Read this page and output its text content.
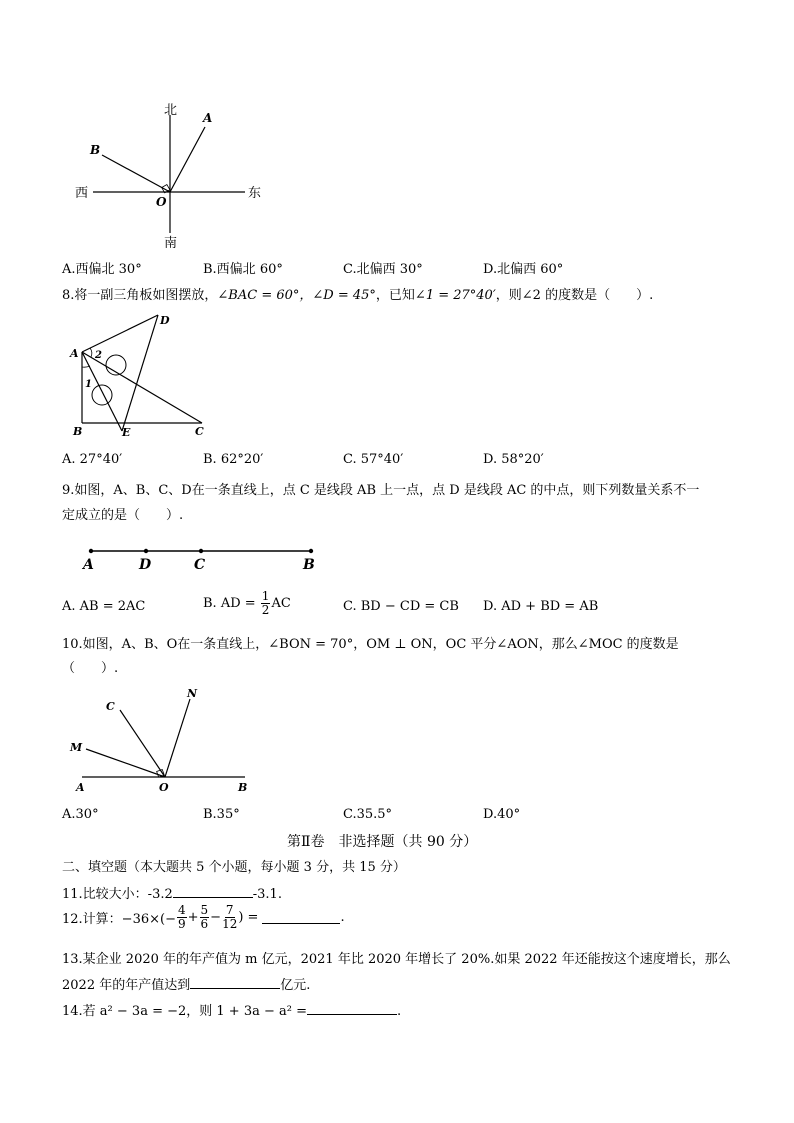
北
南
西	东
A
B
O
A.西偏北 30°	B.西偏北 60°	C.北偏西 30°	D.北偏西 60°
8.将一副三角板如图摆放，∠BAC = 60°，∠D = 45°，已知∠1 = 27°40′，则∠2 的度数是（　　）.
A
B	C
D
E
1
2
A. 27°40′	B. 62°20′	C. 57°40′	D. 58°20′
9.如图，A、B、C、D在一条直线上，点 C 是线段 AB 上一点，点 D 是线段 AC 的中点，则下列数量关系不一
定成立的是（　　）.
A	D	C	B
A. AB = 2AC	B. AD = $\frac{1}{2}$ AC	C. BD − CD = CB D. AD + BD = AB
10.如图，A、B、O在一条直线上，∠BON = 70°，OM ⊥ ON，OC 平分∠AON，那么∠MOC 的度数是
（　　）.
A	O	B
M
C
N
A.30°	B.35°	C.35.5°	D.40°
第Ⅱ卷　非选择题（共 90 分）
二、填空题（本大题共 5 个小题，每小题 3 分，共 15 分）
11.比较大小：-3.2	-3.1.
12.计算：$-36\times(- \frac{4}{9} + \frac{5}{6} - \frac{7}{12}$ ) =	.
13.某企业 2020 年的年产值为 m 亿元，2021 年比 2020 年增长了 20%.如果 2022 年还能按这个速度增长，那么
2022 年的年产值达到	亿元.
14.若 a² − 3a = −2，则 1 + 3a − a² =	.
